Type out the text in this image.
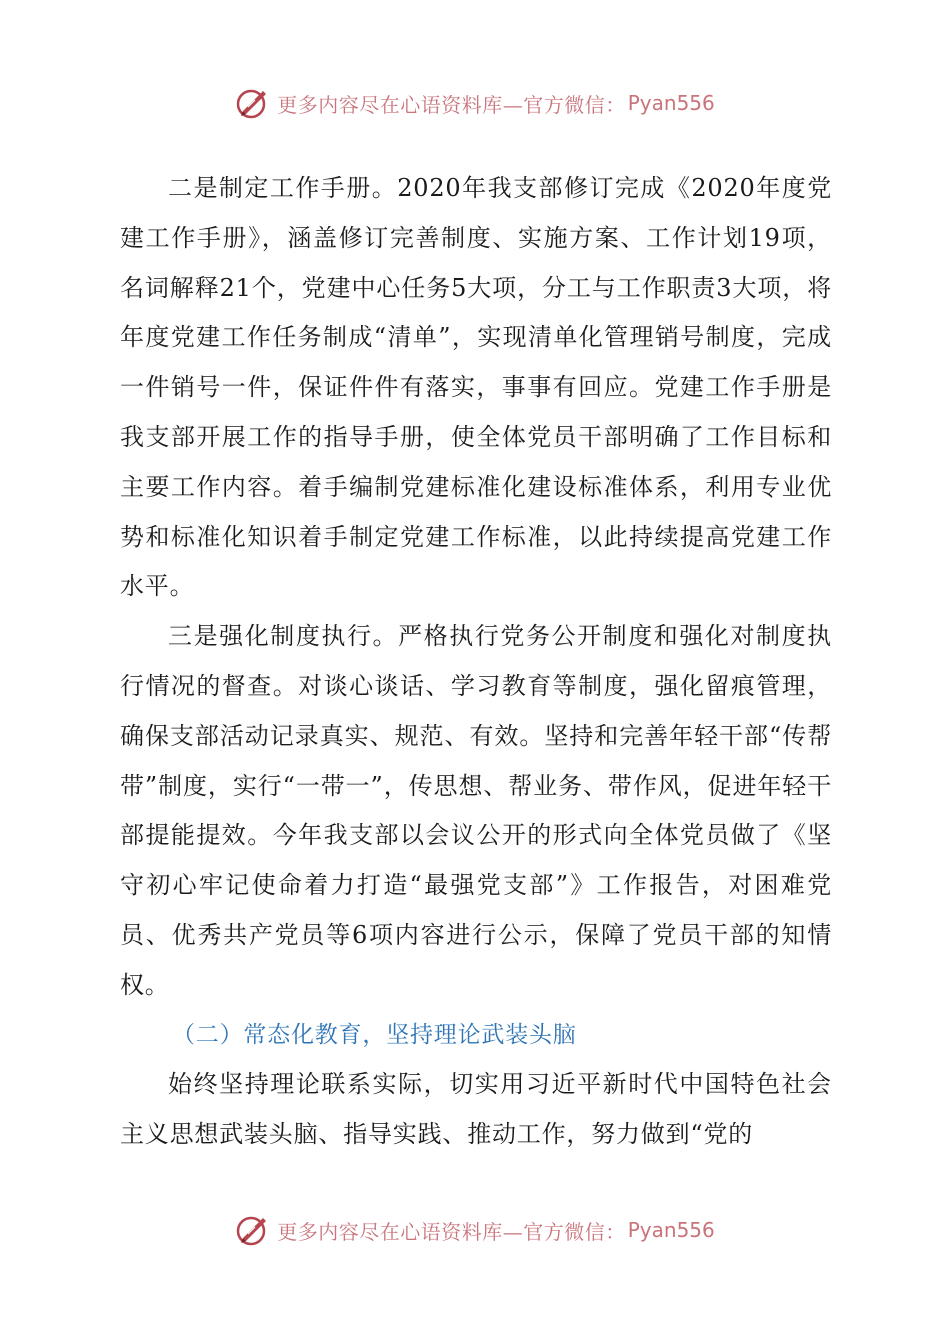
更多内容尽在心语资料库—官方微信： Pyan556

二是制定工作手册。2020年我支部修订完成《2020年度党建工作手册》，涵盖修订完善制度、实施方案、工作计划19项，名词解释21个，党建中心任务5大项，分工与工作职责3大项，将年度党建工作任务制成“清单”，实现清单化管理销号制度，完成一件销号一件，保证件件有落实，事事有回应。党建工作手册是我支部开展工作的指导手册，使全体党员干部明确了工作目标和主要工作内容。着手编制党建标准化建设标准体系，利用专业优势和标准化知识着手制定党建工作标准，以此持续提高党建工作水平。

三是强化制度执行。严格执行党务公开制度和强化对制度执行情况的督查。对谈心谈话、学习教育等制度，强化留痕管理，确保支部活动记录真实、规范、有效。坚持和完善年轻干部“传帮带”制度，实行“一带一”，传思想、帮业务、带作风，促进年轻干部提能提效。今年我支部以会议公开的形式向全体党员做了《坚守初心牢记使命着力打造“最强党支部”》工作报告，对困难党员、优秀共产党员等6项内容进行公示，保障了党员干部的知情权。

（二）常态化教育，坚持理论武装头脑

始终坚持理论联系实际，切实用习近平新时代中国特色社会主义思想武装头脑、指导实践、推动工作，努力做到“党的

更多内容尽在心语资料库—官方微信： Pyan556
